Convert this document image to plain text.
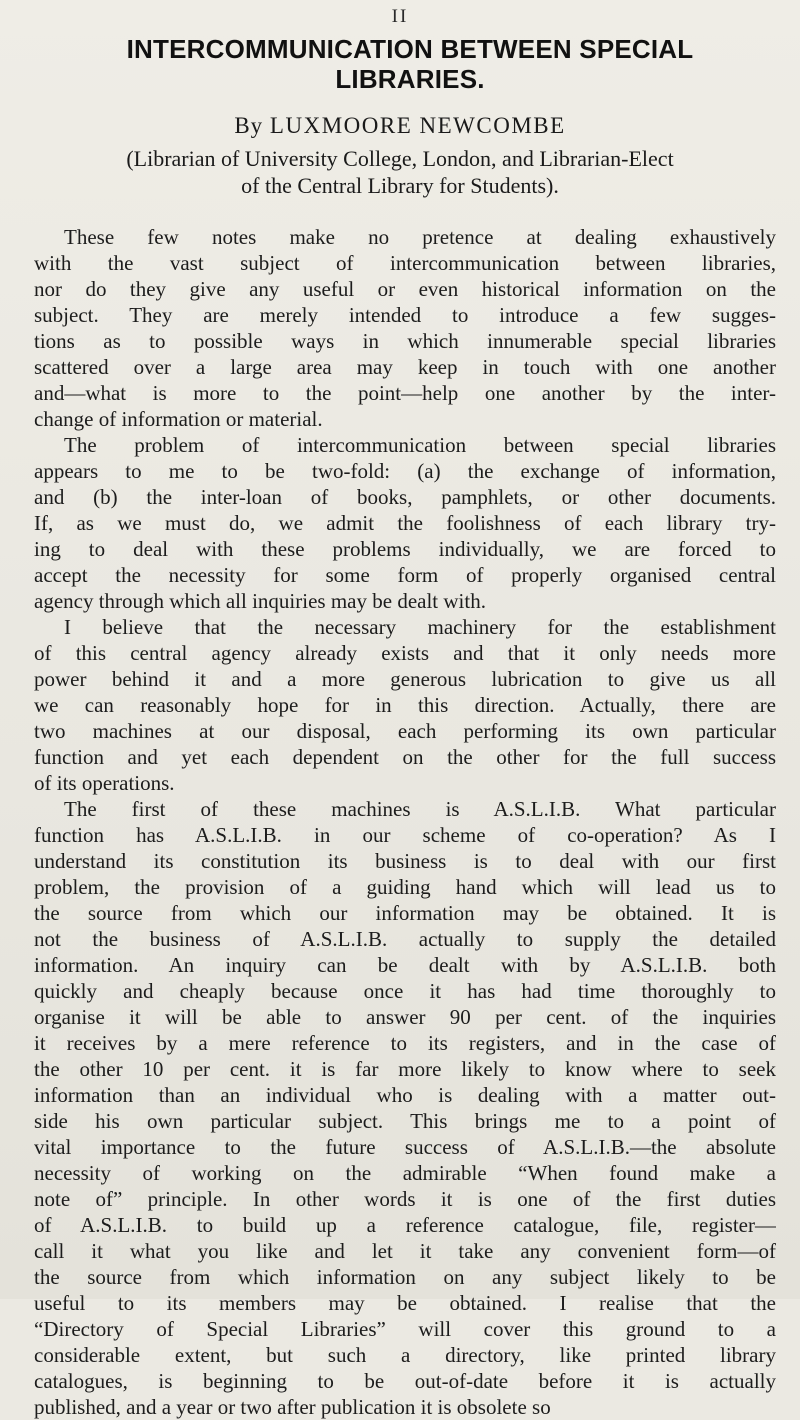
II
INTERCOMMUNICATION BETWEEN SPECIAL
LIBRARIES.
By LUXMOORE NEWCOMBE
(Librarian of University College, London, and Librarian-Elect
of the Central Library for Students).
These few notes make no pretence at dealing exhaustively
with the vast subject of intercommunication between libraries,
nor do they give any useful or even historical information on the
subject. They are merely intended to introduce a few sugges-
tions as to possible ways in which innumerable special libraries
scattered over a large area may keep in touch with one another
and—what is more to the point—help one another by the inter-
change of information or material.
The problem of intercommunication between special libraries
appears to me to be two-fold: (a) the exchange of information,
and (b) the inter-loan of books, pamphlets, or other documents.
If, as we must do, we admit the foolishness of each library try-
ing to deal with these problems individually, we are forced to
accept the necessity for some form of properly organised central
agency through which all inquiries may be dealt with.
I believe that the necessary machinery for the establishment
of this central agency already exists and that it only needs more
power behind it and a more generous lubrication to give us all
we can reasonably hope for in this direction. Actually, there are
two machines at our disposal, each performing its own particular
function and yet each dependent on the other for the full success
of its operations.
The first of these machines is A.S.L.I.B. What particular
function has A.S.L.I.B. in our scheme of co-operation? As I
understand its constitution its business is to deal with our first
problem, the provision of a guiding hand which will lead us to
the source from which our information may be obtained. It is
not the business of A.S.L.I.B. actually to supply the detailed
information. An inquiry can be dealt with by A.S.L.I.B. both
quickly and cheaply because once it has had time thoroughly to
organise it will be able to answer 90 per cent. of the inquiries
it receives by a mere reference to its registers, and in the case of
the other 10 per cent. it is far more likely to know where to seek
information than an individual who is dealing with a matter out-
side his own particular subject. This brings me to a point of
vital importance to the future success of A.S.L.I.B.—the absolute
necessity of working on the admirable “When found make a
note of” principle. In other words it is one of the first duties
of A.S.L.I.B. to build up a reference catalogue, file, register—
call it what you like and let it take any convenient form—of
the source from which information on any subject likely to be
useful to its members may be obtained. I realise that the
“Directory of Special Libraries” will cover this ground to a
considerable extent, but such a directory, like printed library
catalogues, is beginning to be out-of-date before it is actually
published, and a year or two after publication it is obsolete so
